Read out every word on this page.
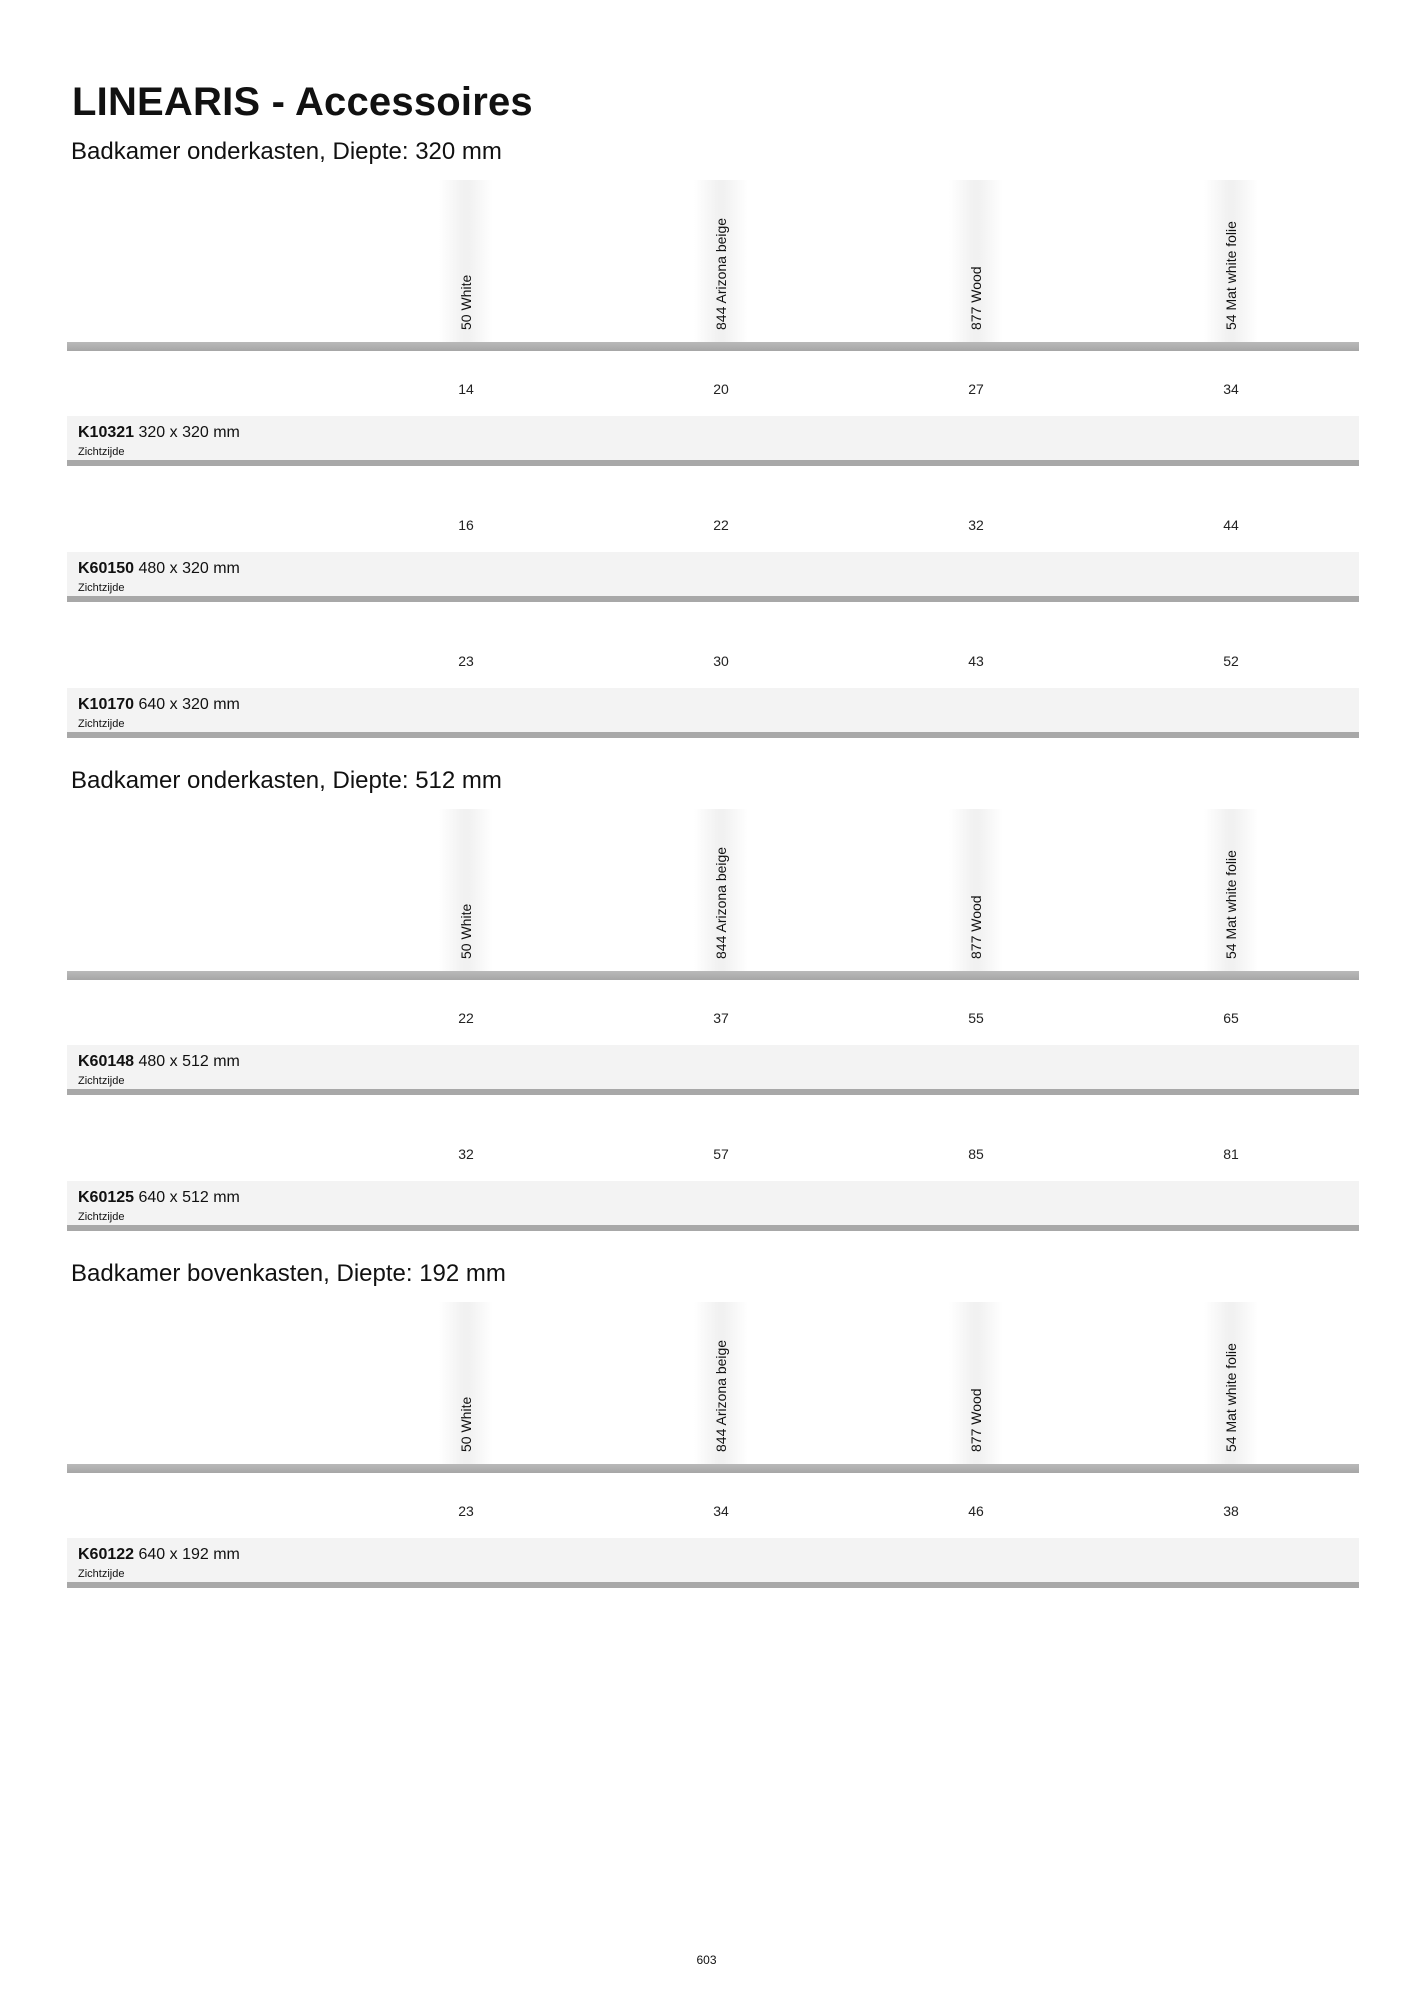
LINEARIS - Accessoires
Badkamer onderkasten, Diepte: 320 mm
50 White	844 Arizona beige	877 Wood	54 Mat white folie
14	20	27	34
K10321 320 x 320 mm
Zichtzijde
16	22	32	44
K60150 480 x 320 mm
Zichtzijde
23	30	43	52
K10170 640 x 320 mm
Zichtzijde
Badkamer onderkasten, Diepte: 512 mm
50 White	844 Arizona beige	877 Wood	54 Mat white folie
22	37	55	65
K60148 480 x 512 mm
Zichtzijde
32	57	85	81
K60125 640 x 512 mm
Zichtzijde
Badkamer bovenkasten, Diepte: 192 mm
50 White	844 Arizona beige	877 Wood	54 Mat white folie
23	34	46	38
K60122 640 x 192 mm
Zichtzijde
603
